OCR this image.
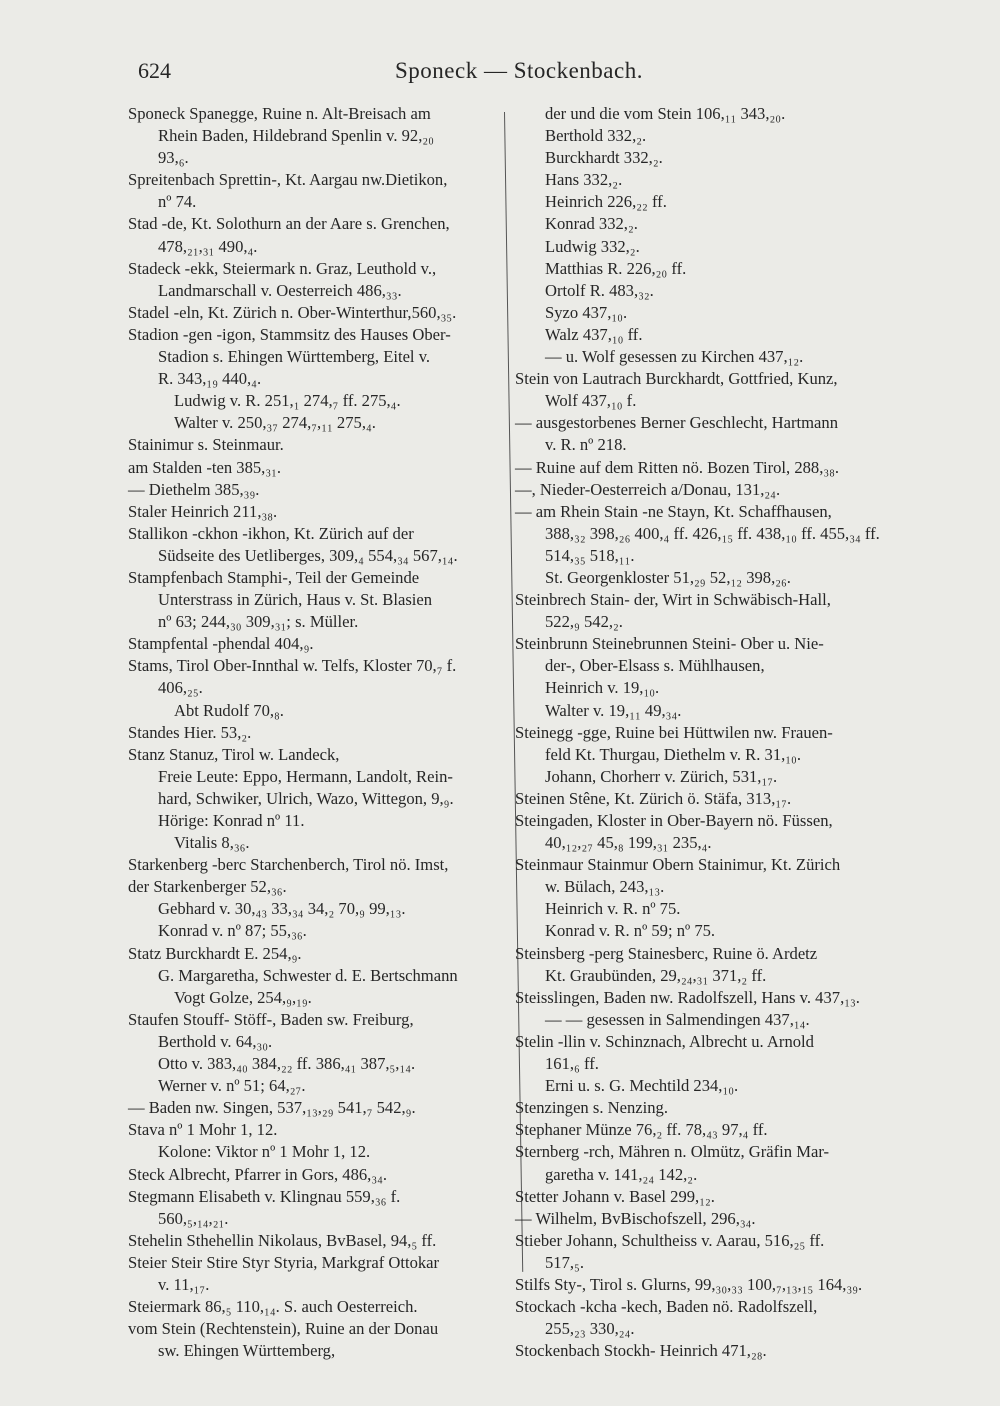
624	Sponeck — Stockenbach.
Sponeck Spanegge, Ruine n. Alt-Breisach am
Rhein Baden, Hildebrand Spenlin v. 92,₂₀
93,₆.
Spreitenbach Sprettin-, Kt. Aargau nw.Dietikon,
nº 74.
Stad -de, Kt. Solothurn an der Aare s. Grenchen,
478,₂₁,₃₁ 490,₄.
Stadeck -ekk, Steiermark n. Graz, Leuthold v.,
Landmarschall v. Oesterreich 486,₃₃.
Stadel -eln, Kt. Zürich n. Ober-Winterthur,560,₃₅.
Stadion -gen -igon, Stammsitz des Hauses Ober-
Stadion s. Ehingen Württemberg, Eitel v.
R. 343,₁₉ 440,₄.
Ludwig v. R. 251,₁ 274,₇ ff. 275,₄.
Walter v. 250,₃₇ 274,₇,₁₁ 275,₄.
Stainimur s. Steinmaur.
am Stalden -ten 385,₃₁.
— Diethelm 385,₃₉.
Staler Heinrich 211,₃₈.
Stallikon -ckhon -ikhon, Kt. Zürich auf der
Südseite des Uetliberges, 309,₄ 554,₃₄ 567,₁₄.
Stampfenbach Stamphi-, Teil der Gemeinde
Unterstrass in Zürich, Haus v. St. Blasien
nº 63; 244,₃₀ 309,₃₁; s. Müller.
Stampfental -phendal 404,₉.
Stams, Tirol Ober-Innthal w. Telfs, Kloster 70,₇ f.
406,₂₅.
Abt Rudolf 70,₈.
Standes Hier. 53,₂.
Stanz Stanuz, Tirol w. Landeck,
Freie Leute: Eppo, Hermann, Landolt, Rein-
hard, Schwiker, Ulrich, Wazo, Wittegon, 9,₉.
Hörige: Konrad nº 11.
Vitalis 8,₃₆.
Starkenberg -berc Starchenberch, Tirol nö. Imst,
der Starkenberger 52,₃₆.
Gebhard v. 30,₄₃ 33,₃₄ 34,₂ 70,₉ 99,₁₃.
Konrad v. nº 87; 55,₃₆.
Statz Burckhardt E. 254,₉.
G. Margaretha, Schwester d. E. Bertschmann
Vogt Golze, 254,₉,₁₉.
Staufen Stouff- Stöff-, Baden sw. Freiburg,
Berthold v. 64,₃₀.
Otto v. 383,₄₀ 384,₂₂ ff. 386,₄₁ 387,₅,₁₄.
Werner v. nº 51; 64,₂₇.
— Baden nw. Singen, 537,₁₃,₂₉ 541,₇ 542,₉.
Stava nº 1 Mohr 1, 12.
Kolone: Viktor nº 1 Mohr 1, 12.
Steck Albrecht, Pfarrer in Gors, 486,₃₄.
Stegmann Elisabeth v. Klingnau 559,₃₆ f.
560,₅,₁₄,₂₁.
Stehelin Sthehellin Nikolaus, BvBasel, 94,₅ ff.
Steier Steir Stire Styr Styria, Markgraf Ottokar
v. 11,₁₇.
Steiermark 86,₅ 110,₁₄. S. auch Oesterreich.
vom Stein (Rechtenstein), Ruine an der Donau
sw. Ehingen Württemberg,
der und die vom Stein 106,₁₁ 343,₂₀.
Berthold 332,₂.
Burckhardt 332,₂.
Hans 332,₂.
Heinrich 226,₂₂ ff.
Konrad 332,₂.
Ludwig 332,₂.
Matthias R. 226,₂₀ ff.
Ortolf R. 483,₃₂.
Syzo 437,₁₀.
Walz 437,₁₀ ff.
— u. Wolf gesessen zu Kirchen 437,₁₂.
Stein von Lautrach Burckhardt, Gottfried, Kunz,
Wolf 437,₁₀ f.
— ausgestorbenes Berner Geschlecht, Hartmann
v. R. nº 218.
— Ruine auf dem Ritten nö. Bozen Tirol, 288,₃₈.
—, Nieder-Oesterreich a/Donau, 131,₂₄.
— am Rhein Stain -ne Stayn, Kt. Schaffhausen,
388,₃₂ 398,₂₆ 400,₄ ff. 426,₁₅ ff. 438,₁₀ ff. 455,₃₄ ff.
514,₃₅ 518,₁₁.
St. Georgenkloster 51,₂₉ 52,₁₂ 398,₂₆.
Steinbrech Stain- der, Wirt in Schwäbisch-Hall,
522,₉ 542,₂.
Steinbrunn Steinebrunnen Steini- Ober u. Nie-
der-, Ober-Elsass s. Mühlhausen,
Heinrich v. 19,₁₀.
Walter v. 19,₁₁ 49,₃₄.
Steinegg -gge, Ruine bei Hüttwilen nw. Frauen-
feld Kt. Thurgau, Diethelm v. R. 31,₁₀.
Johann, Chorherr v. Zürich, 531,₁₇.
Steinen Stêne, Kt. Zürich ö. Stäfa, 313,₁₇.
Steingaden, Kloster in Ober-Bayern nö. Füssen,
40,₁₂,₂₇ 45,₈ 199,₃₁ 235,₄.
Steinmaur Stainmur Obern Stainimur, Kt. Zürich
w. Bülach, 243,₁₃.
Heinrich v. R. nº 75.
Konrad v. R. nº 59; nº 75.
Steinsberg -perg Stainesberc, Ruine ö. Ardetz
Kt. Graubünden, 29,₂₄,₃₁ 371,₂ ff.
Steisslingen, Baden nw. Radolfszell, Hans v. 437,₁₃.
— — gesessen in Salmendingen 437,₁₄.
Stelin -llin v. Schinznach, Albrecht u. Arnold
161,₆ ff.
Erni u. s. G. Mechtild 234,₁₀.
Stenzingen s. Nenzing.
Stephaner Münze 76,₂ ff. 78,₄₃ 97,₄ ff.
Sternberg -rch, Mähren n. Olmütz, Gräfin Mar-
garetha v. 141,₂₄ 142,₂.
Stetter Johann v. Basel 299,₁₂.
— Wilhelm, BvBischofszell, 296,₃₄.
Stieber Johann, Schultheiss v. Aarau, 516,₂₅ ff.
517,₅.
Stilfs Sty-, Tirol s. Glurns, 99,₃₀,₃₃ 100,₇,₁₃,₁₅ 164,₃₉.
Stockach -kcha -kech, Baden nö. Radolfszell,
255,₂₃ 330,₂₄.
Stockenbach Stockh- Heinrich 471,₂₈.
